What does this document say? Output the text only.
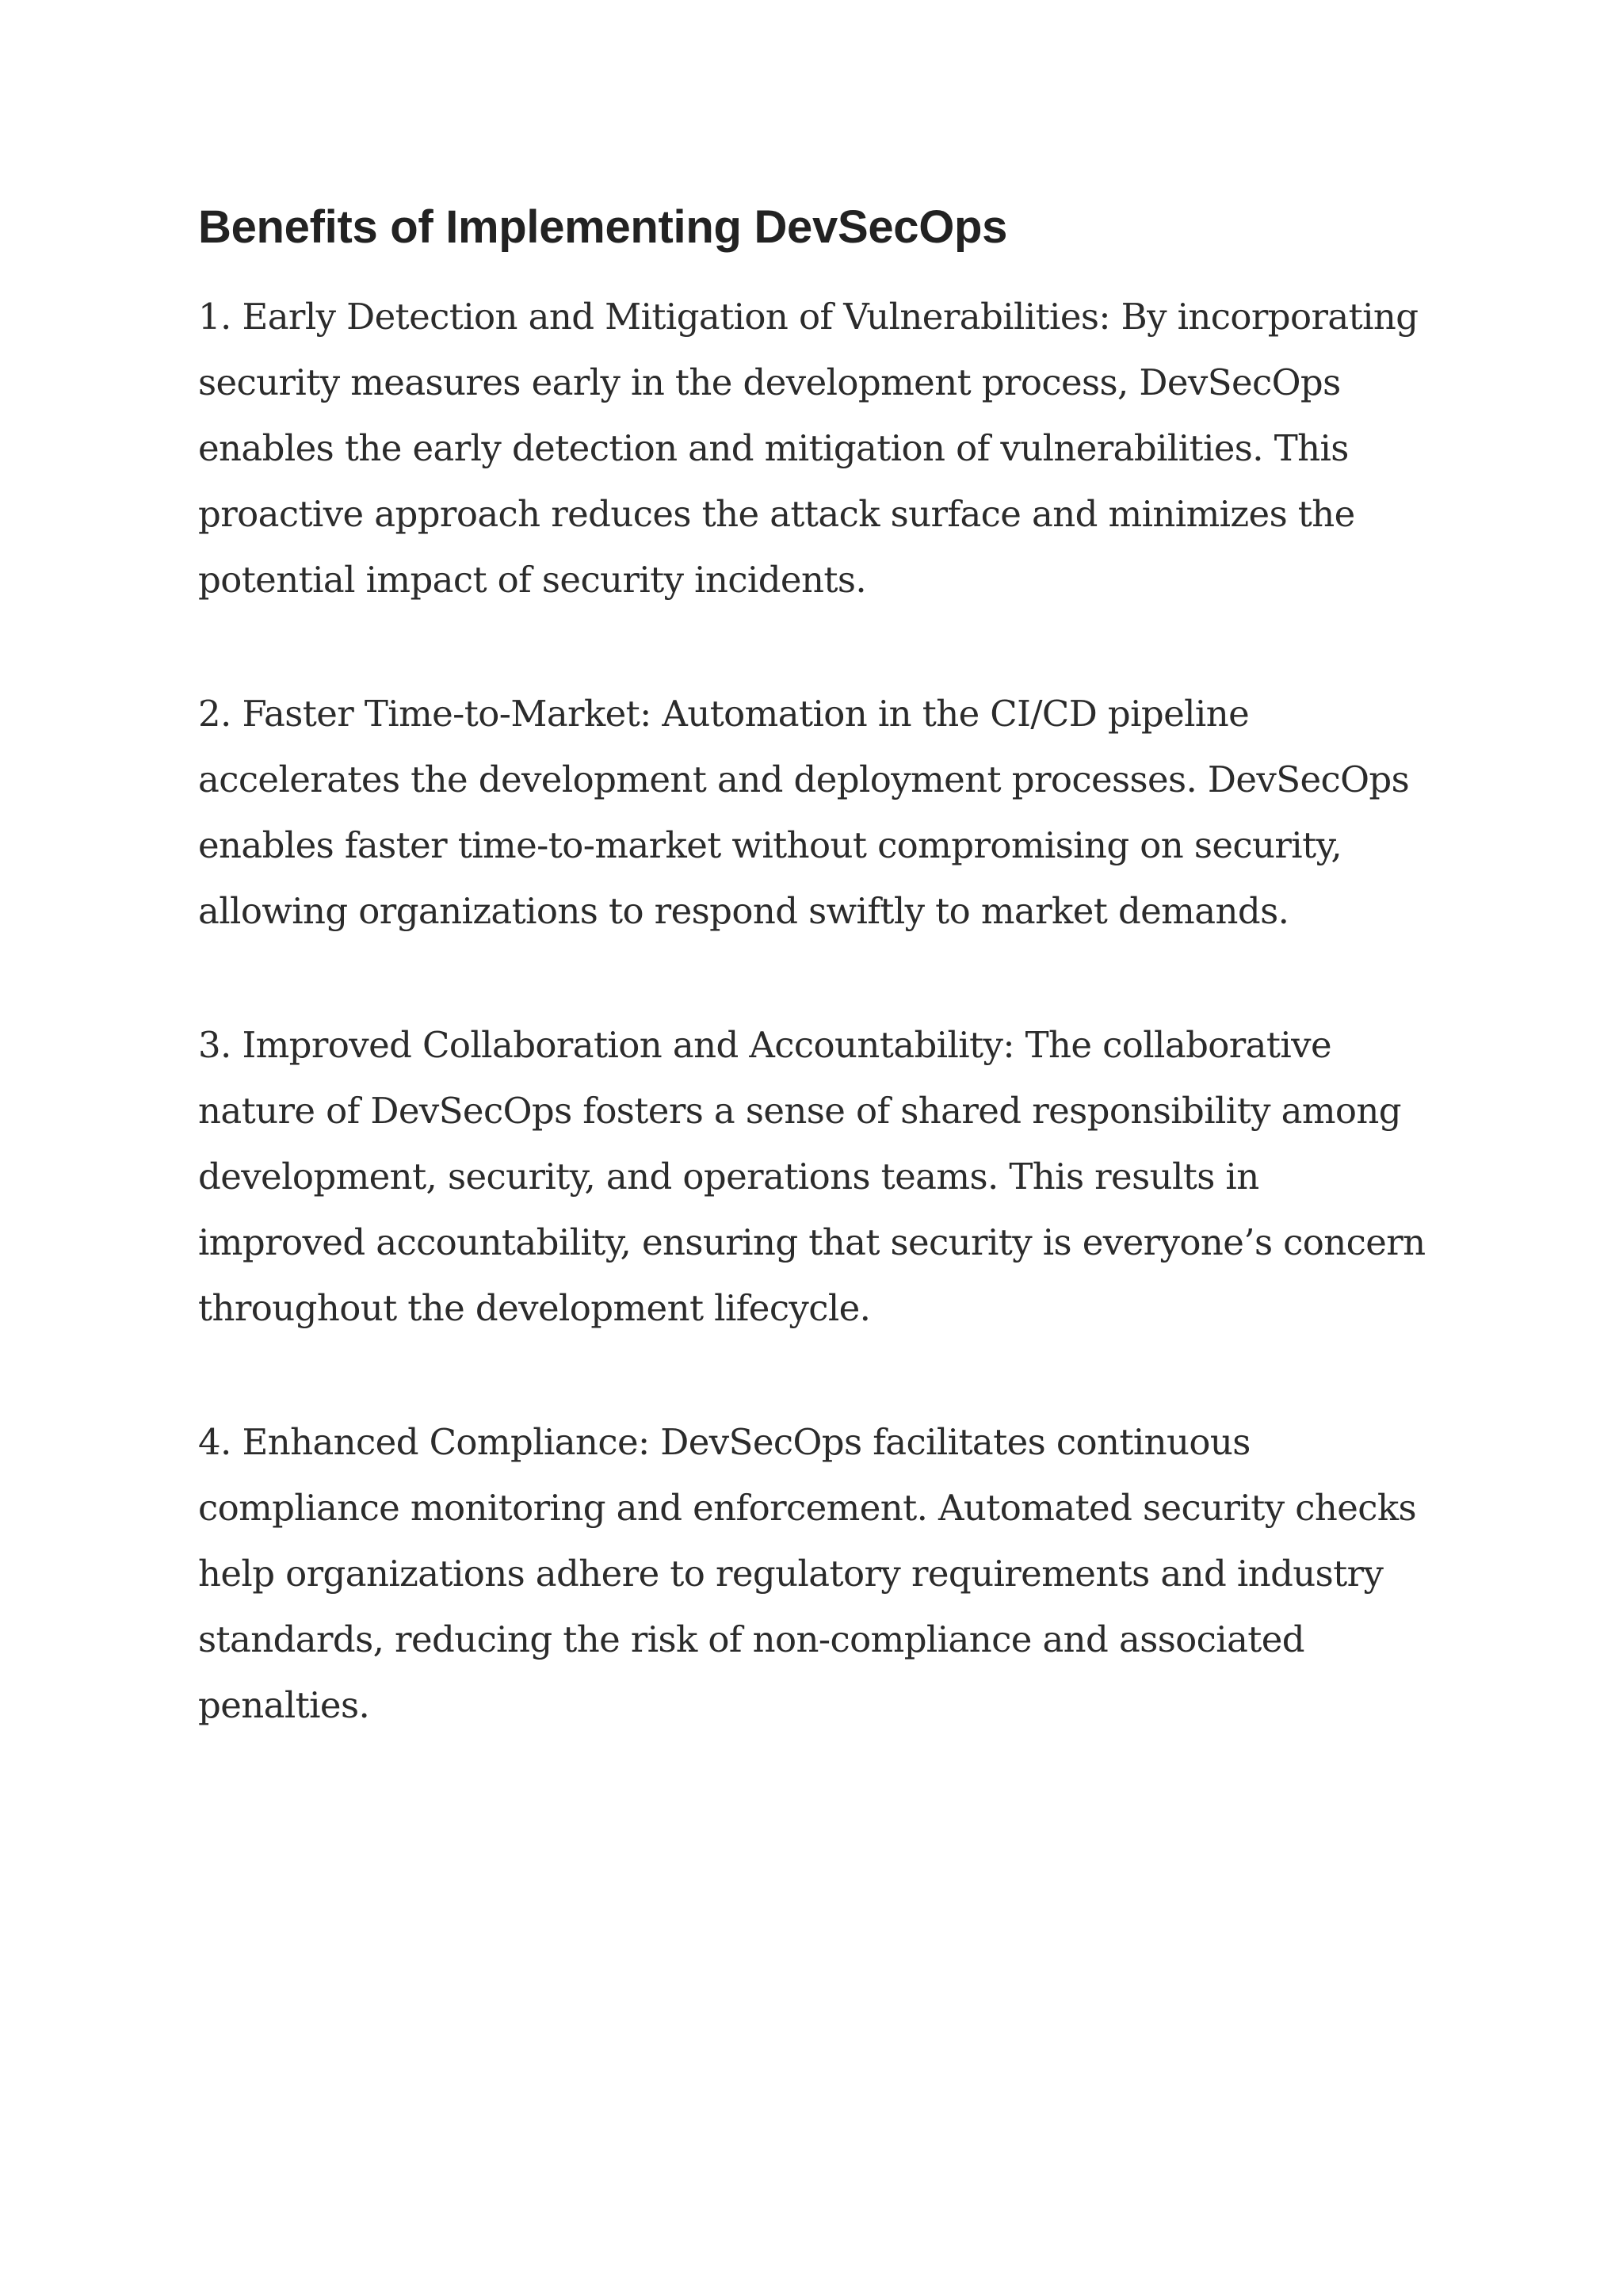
Benefits of Implementing DevSecOps

1. Early Detection and Mitigation of Vulnerabilities: By incorporating security measures early in the development process, DevSecOps enables the early detection and mitigation of vulnerabilities. This proactive approach reduces the attack surface and minimizes the potential impact of security incidents.

2. Faster Time-to-Market: Automation in the CI/CD pipeline accelerates the development and deployment processes. DevSecOps enables faster time-to-market without compromising on security, allowing organizations to respond swiftly to market demands.

3. Improved Collaboration and Accountability: The collaborative nature of DevSecOps fosters a sense of shared responsibility among development, security, and operations teams. This results in improved accountability, ensuring that security is everyone’s concern throughout the development lifecycle.

4. Enhanced Compliance: DevSecOps facilitates continuous compliance monitoring and enforcement. Automated security checks help organizations adhere to regulatory requirements and industry standards, reducing the risk of non-compliance and associated penalties.
